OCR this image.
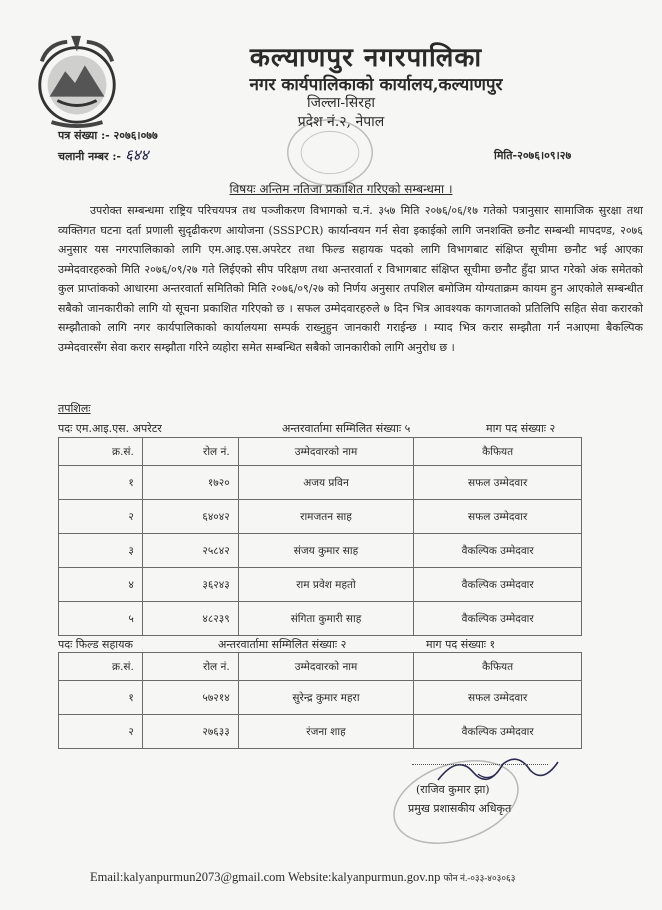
कल्याणपुर नगरपालिका
नगर कार्यपालिकाको कार्यालय,कल्याणपुर
जिल्ला-सिरहा
प्रदेश नं.२, नेपाल
पत्र संख्या :- २०७६।०७७
चलानी नम्बर :- ६४४	मिति-२०७६।०९।२७
विषयः अन्तिम नतिजा प्रकाशित गरिएको सम्बन्धमा ।
उपरोक्त सम्बन्धमा राष्ट्रिय परिचयपत्र तथ पञ्जीकरण विभागको च.नं. ३५७ मिति २०७६/०६/१७ गतेको पत्रानुसार सामाजिक सुरक्षा तथा व्यक्तिगत घटना दर्ता प्रणाली सुदृढीकरण आयोजना (SSSPCR) कार्यान्वयन गर्न सेवा इकाईको लागि जनशक्ति छनौट सम्बन्धी मापदण्ड, २०७६ अनुसार यस नगरपालिकाको लागि एम.आइ.एस.अपरेटर तथा फिल्ड सहायक पदको लागि विभागबाट संक्षिप्त सूचीमा छनौट भई आएका उम्मेदवारहरुको मिति २०७६/०९/२७ गते लिईएको सीप परिक्षण तथा अन्तरवार्ता र विभागबाट संक्षिप्त सूचीमा छनौट हुँदा प्राप्त गरेको अंक समेतको कुल प्राप्तांकको आधारमा अन्तरवार्ता समितिको मिति २०७६/०९/२७ को निर्णय अनुसार तपशिल बमोजिम योग्यताक्रम कायम हुन आएकोले सम्बन्धीत सबैको जानकारीको लागि यो सूचना प्रकाशित गरिएको छ । सफल उम्मेदवारहरुले ७ दिन भित्र आवश्यक कागजातको प्रतिलिपि सहित सेवा करारको सम्झौताको लागि नगर कार्यपालिकाको कार्यालयमा सम्पर्क राख्नुहुन जानकारी गराईन्छ । म्याद भित्र करार सम्झौता गर्न नआएमा बैकल्पिक उम्मेदवारसँग सेवा करार सम्झौता गरिने व्यहोरा समेत सम्बन्धित सबैको जानकारीको लागि अनुरोध छ ।
तपशिलः
पदः एम.आइ.एस. अपरेटर	अन्तरवार्तामा सम्मिलित संख्याः ५	माग पद संख्याः २
क्र.सं.	रोल नं.	उम्मेदवारको नाम	कैफियत
१	१७२०	अजय प्रविन	सफल उम्मेदवार
२	६४०४२	रामजतन साह	सफल उम्मेदवार
३	२५८४२	संजय कुमार साह	वैकल्पिक उम्मेदवार
४	३६२४३	राम प्रवेश महतो	वैकल्पिक उम्मेदवार
५	४८२३९	संगिता कुमारी साह	वैकल्पिक उम्मेदवार
पदः फिल्ड सहायक	अन्तरवार्तामा सम्मिलित संख्याः २	माग पद संख्याः १
क्र.सं.	रोल नं.	उम्मेदवारको नाम	कैफियत
१	५७२१४	सुरेन्द्र कुमार महरा	सफल उम्मेदवार
२	२७६३३	रंजना शाह	वैकल्पिक उम्मेदवार
(राजिव कुमार झा)
प्रमुख प्रशासकीय अधिकृत
Email:kalyanpurmun2073@gmail.com Website:kalyanpurmun.gov.np फोन नं.-०३३-४०३०६३
